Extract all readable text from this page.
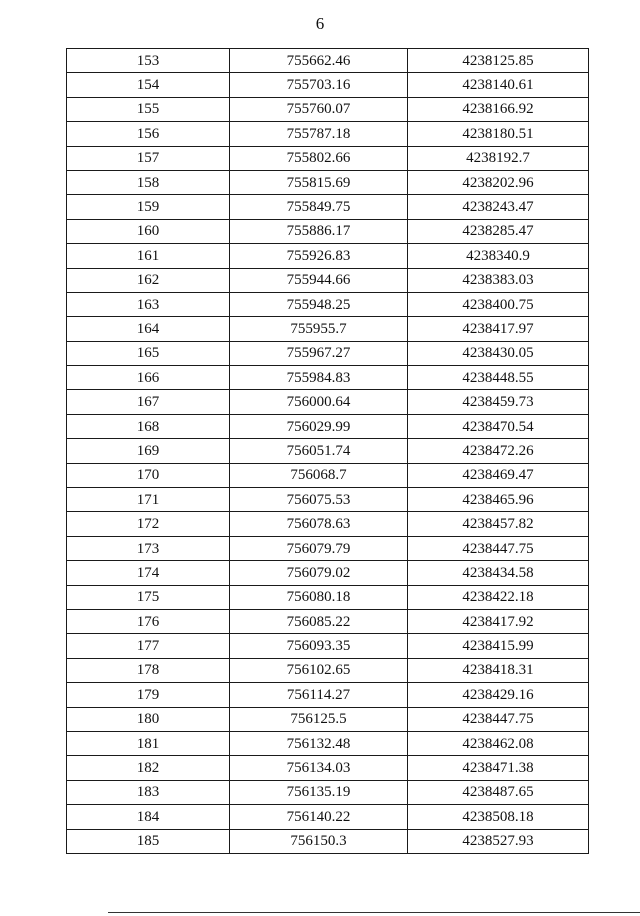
6
153	755662.46	4238125.85
154	755703.16	4238140.61
155	755760.07	4238166.92
156	755787.18	4238180.51
157	755802.66	4238192.7
158	755815.69	4238202.96
159	755849.75	4238243.47
160	755886.17	4238285.47
161	755926.83	4238340.9
162	755944.66	4238383.03
163	755948.25	4238400.75
164	755955.7	4238417.97
165	755967.27	4238430.05
166	755984.83	4238448.55
167	756000.64	4238459.73
168	756029.99	4238470.54
169	756051.74	4238472.26
170	756068.7	4238469.47
171	756075.53	4238465.96
172	756078.63	4238457.82
173	756079.79	4238447.75
174	756079.02	4238434.58
175	756080.18	4238422.18
176	756085.22	4238417.92
177	756093.35	4238415.99
178	756102.65	4238418.31
179	756114.27	4238429.16
180	756125.5	4238447.75
181	756132.48	4238462.08
182	756134.03	4238471.38
183	756135.19	4238487.65
184	756140.22	4238508.18
185	756150.3	4238527.93
